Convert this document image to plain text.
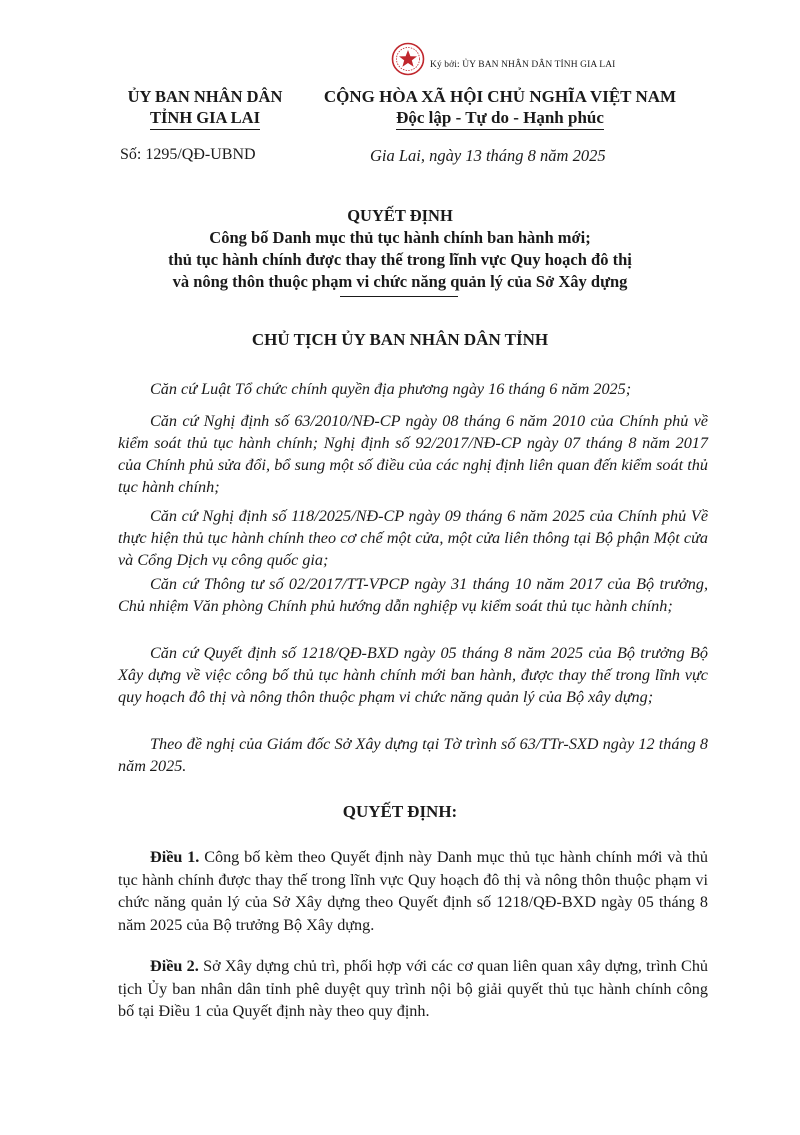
Ký bởi: ỦY BAN NHÂN DÂN TỈNH GIA LAI
ỦY BAN NHÂN DÂN
TỈNH GIA LAI
Số: 1295/QĐ-UBND
CỘNG HÒA XÃ HỘI CHỦ NGHĨA VIỆT NAM
Độc lập - Tự do - Hạnh phúc
Gia Lai, ngày 13 tháng 8 năm 2025
QUYẾT ĐỊNH
Công bố Danh mục thủ tục hành chính ban hành mới;
thủ tục hành chính được thay thế trong lĩnh vực Quy hoạch đô thị
và nông thôn thuộc phạm vi chức năng quản lý của Sở Xây dựng
CHỦ TỊCH ỦY BAN NHÂN DÂN TỈNH
Căn cứ Luật Tổ chức chính quyền địa phương ngày 16 tháng 6 năm 2025;
Căn cứ Nghị định số 63/2010/NĐ-CP ngày 08 tháng 6 năm 2010 của Chính phủ về kiểm soát thủ tục hành chính; Nghị định số 92/2017/NĐ-CP ngày 07 tháng 8 năm 2017 của Chính phủ sửa đổi, bổ sung một số điều của các nghị định liên quan đến kiểm soát thủ tục hành chính;
Căn cứ Nghị định số 118/2025/NĐ-CP ngày 09 tháng 6 năm 2025 của Chính phủ Về thực hiện thủ tục hành chính theo cơ chế một cửa, một cửa liên thông tại Bộ phận Một cửa và Cổng Dịch vụ công quốc gia;
Căn cứ Thông tư số 02/2017/TT-VPCP ngày 31 tháng 10 năm 2017 của Bộ trưởng, Chủ nhiệm Văn phòng Chính phủ hướng dẫn nghiệp vụ kiểm soát thủ tục hành chính;
Căn cứ Quyết định số 1218/QĐ-BXD ngày 05 tháng 8 năm 2025 của Bộ trưởng Bộ Xây dựng về việc công bố thủ tục hành chính mới ban hành, được thay thế trong lĩnh vực quy hoạch đô thị và nông thôn thuộc phạm vi chức năng quản lý của Bộ xây dựng;
Theo đề nghị của Giám đốc Sở Xây dựng tại Tờ trình số 63/TTr-SXD ngày 12 tháng 8 năm 2025.
QUYẾT ĐỊNH:
Điều 1. Công bố kèm theo Quyết định này Danh mục thủ tục hành chính mới và thủ tục hành chính được thay thế trong lĩnh vực Quy hoạch đô thị và nông thôn thuộc phạm vi chức năng quản lý của Sở Xây dựng theo Quyết định số 1218/QĐ-BXD ngày 05 tháng 8 năm 2025 của Bộ trưởng Bộ Xây dựng.
Điều 2. Sở Xây dựng chủ trì, phối hợp với các cơ quan liên quan xây dựng, trình Chủ tịch Ủy ban nhân dân tỉnh phê duyệt quy trình nội bộ giải quyết thủ tục hành chính công bố tại Điều 1 của Quyết định này theo quy định.
